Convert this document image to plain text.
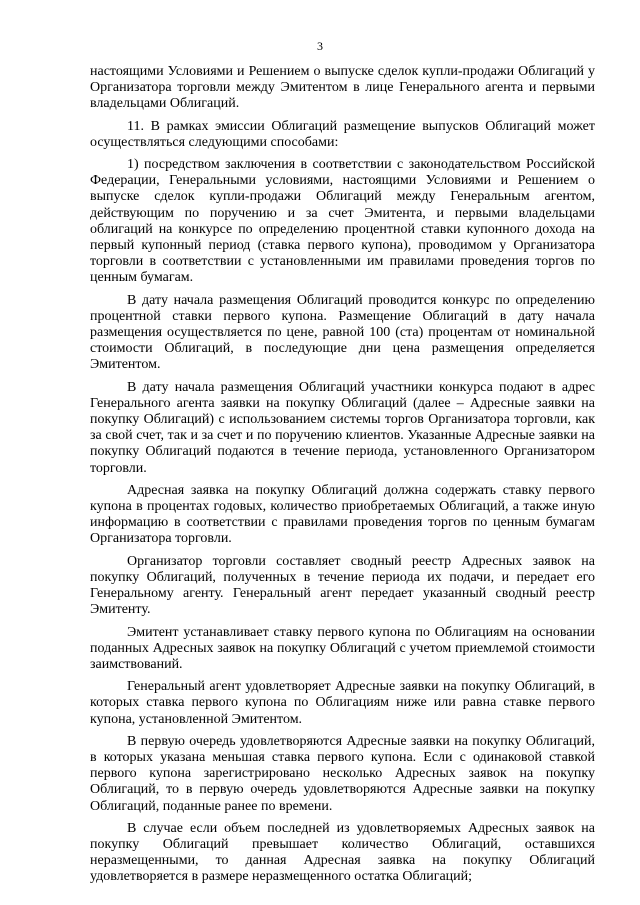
3

настоящими Условиями и Решением о выпуске сделок купли-продажи Облигаций у Организатора торговли между Эмитентом в лице Генерального агента и первыми владельцами Облигаций.

11. В рамках эмиссии Облигаций размещение выпусков Облигаций может осуществляться следующими способами:

1) посредством заключения в соответствии с законодательством Российской Федерации, Генеральными условиями, настоящими Условиями и Решением о выпуске сделок купли-продажи Облигаций между Генеральным агентом, действующим по поручению и за счет Эмитента, и первыми владельцами облигаций на конкурсе по определению процентной ставки купонного дохода на первый купонный период (ставка первого купона), проводимом у Организатора торговли в соответствии с установленными им правилами проведения торгов по ценным бумагам.

В дату начала размещения Облигаций проводится конкурс по определению процентной ставки первого купона. Размещение Облигаций в дату начала размещения осуществляется по цене, равной 100 (ста) процентам от номинальной стоимости Облигаций, в последующие дни цена размещения определяется Эмитентом.

В дату начала размещения Облигаций участники конкурса подают в адрес Генерального агента заявки на покупку Облигаций (далее – Адресные заявки на покупку Облигаций) с использованием системы торгов Организатора торговли, как за свой счет, так и за счет и по поручению клиентов. Указанные Адресные заявки на покупку Облигаций подаются в течение периода, установленного Организатором торговли.

Адресная заявка на покупку Облигаций должна содержать ставку первого купона в процентах годовых, количество приобретаемых Облигаций, а также иную информацию в соответствии с правилами проведения торгов по ценным бумагам Организатора торговли.

Организатор торговли составляет сводный реестр Адресных заявок на покупку Облигаций, полученных в течение периода их подачи, и передает его Генеральному агенту. Генеральный агент передает указанный сводный реестр Эмитенту.

Эмитент устанавливает ставку первого купона по Облигациям на основании поданных Адресных заявок на покупку Облигаций с учетом приемлемой стоимости заимствований.

Генеральный агент удовлетворяет Адресные заявки на покупку Облигаций, в которых ставка первого купона по Облигациям ниже или равна ставке первого купона, установленной Эмитентом.

В первую очередь удовлетворяются Адресные заявки на покупку Облигаций, в которых указана меньшая ставка первого купона. Если с одинаковой ставкой первого купона зарегистрировано несколько Адресных заявок на покупку Облигаций, то в первую очередь удовлетворяются Адресные заявки на покупку Облигаций, поданные ранее по времени.

В случае если объем последней из удовлетворяемых Адресных заявок на покупку Облигаций превышает количество Облигаций, оставшихся неразмещенными, то данная Адресная заявка на покупку Облигаций удовлетворяется в размере неразмещенного остатка Облигаций;
